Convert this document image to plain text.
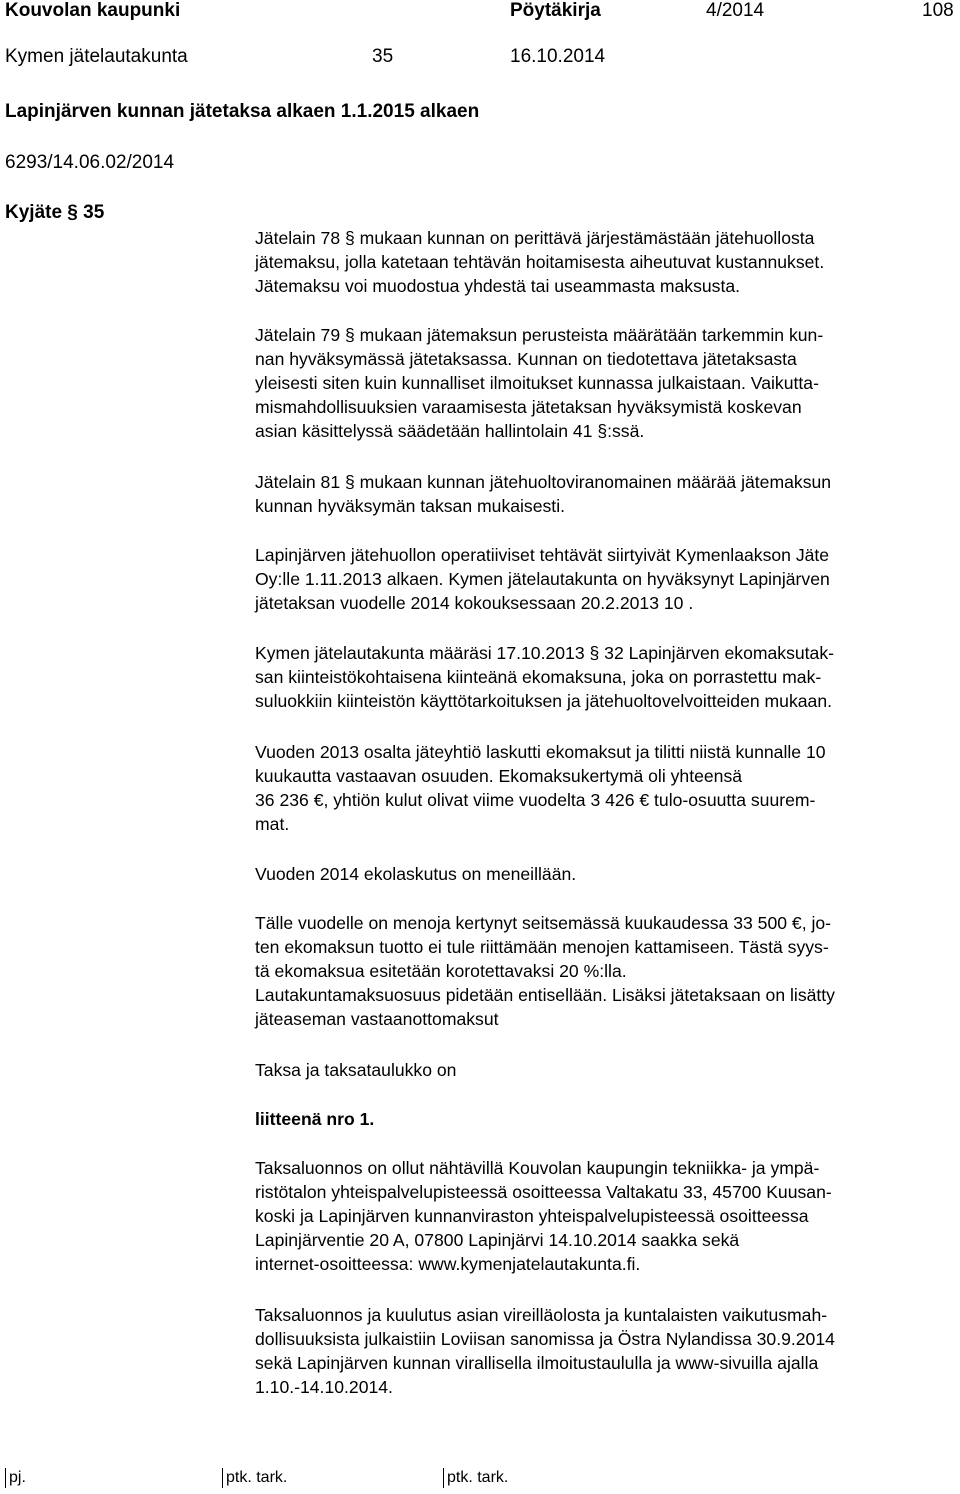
Kouvolan kaupunki	Pöytäkirja	4/2014	108
Kymen jätelautakunta	35	16.10.2014
Lapinjärven kunnan jätetaksa alkaen 1.1.2015 alkaen
6293/14.06.02/2014
Kyjäte § 35
Jätelain 78 § mukaan kunnan on perittävä järjestämästään jätehuollosta
jätemaksu, jolla katetaan tehtävän hoitamisesta aiheutuvat kustannukset.
Jätemaksu voi muodostua yhdestä tai useammasta maksusta.
Jätelain 79 § mukaan jätemaksun perusteista määrätään tarkemmin kun-
nan hyväksymässä jätetaksassa. Kunnan on tiedotettava jätetaksasta
yleisesti siten kuin kunnalliset ilmoitukset kunnassa julkaistaan. Vaikutta-
mismahdollisuuksien varaamisesta jätetaksan hyväksymistä koskevan
asian käsittelyssä säädetään hallintolain 41 §:ssä.
Jätelain 81 § mukaan kunnan jätehuoltoviranomainen määrää jätemaksun
kunnan hyväksymän taksan mukaisesti.
Lapinjärven jätehuollon operatiiviset tehtävät siirtyivät Kymenlaakson Jäte
Oy:lle 1.11.2013 alkaen. Kymen jätelautakunta on hyväksynyt Lapinjärven
jätetaksan vuodelle 2014 kokouksessaan 20.2.2013 10 .
Kymen jätelautakunta määräsi 17.10.2013 § 32 Lapinjärven ekomaksutak-
san kiinteistökohtaisena kiinteänä ekomaksuna, joka on porrastettu mak-
suluokkiin kiinteistön käyttötarkoituksen ja jätehuoltovelvoitteiden mukaan.
Vuoden 2013 osalta jäteyhtiö laskutti ekomaksut ja tilitti niistä kunnalle 10
kuukautta vastaavan osuuden. Ekomaksukertymä oli yhteensä
36 236 €, yhtiön kulut olivat viime vuodelta 3 426 € tulo-osuutta suurem-
mat.
Vuoden 2014 ekolaskutus on meneillään.
Tälle vuodelle on menoja kertynyt seitsemässä kuukaudessa 33 500 €, jo-
ten ekomaksun tuotto ei tule riittämään menojen kattamiseen. Tästä syys-
tä ekomaksua esitetään korotettavaksi 20 %:lla.
Lautakuntamaksuosuus pidetään entisellään. Lisäksi jätetaksaan on lisätty
jäteaseman vastaanottomaksut
Taksa ja taksataulukko on
liitteenä nro 1.
Taksaluonnos on ollut nähtävillä Kouvolan kaupungin tekniikka- ja ympä-
ristötalon yhteispalvelupisteessä osoitteessa Valtakatu 33, 45700 Kuusan-
koski ja Lapinjärven kunnanviraston yhteispalvelupisteessä osoitteessa
Lapinjärventie 20 A, 07800 Lapinjärvi 14.10.2014 saakka sekä
internet-osoitteessa: www.kymenjatelautakunta.fi.
Taksaluonnos ja kuulutus asian vireilläolosta ja kuntalaisten vaikutusmah-
dollisuuksista julkaistiin Loviisan sanomissa ja Östra Nylandissa 30.9.2014
sekä Lapinjärven kunnan virallisella ilmoitustaululla ja www-sivuilla ajalla
1.10.-14.10.2014.
pj.	ptk. tark.	ptk. tark.
